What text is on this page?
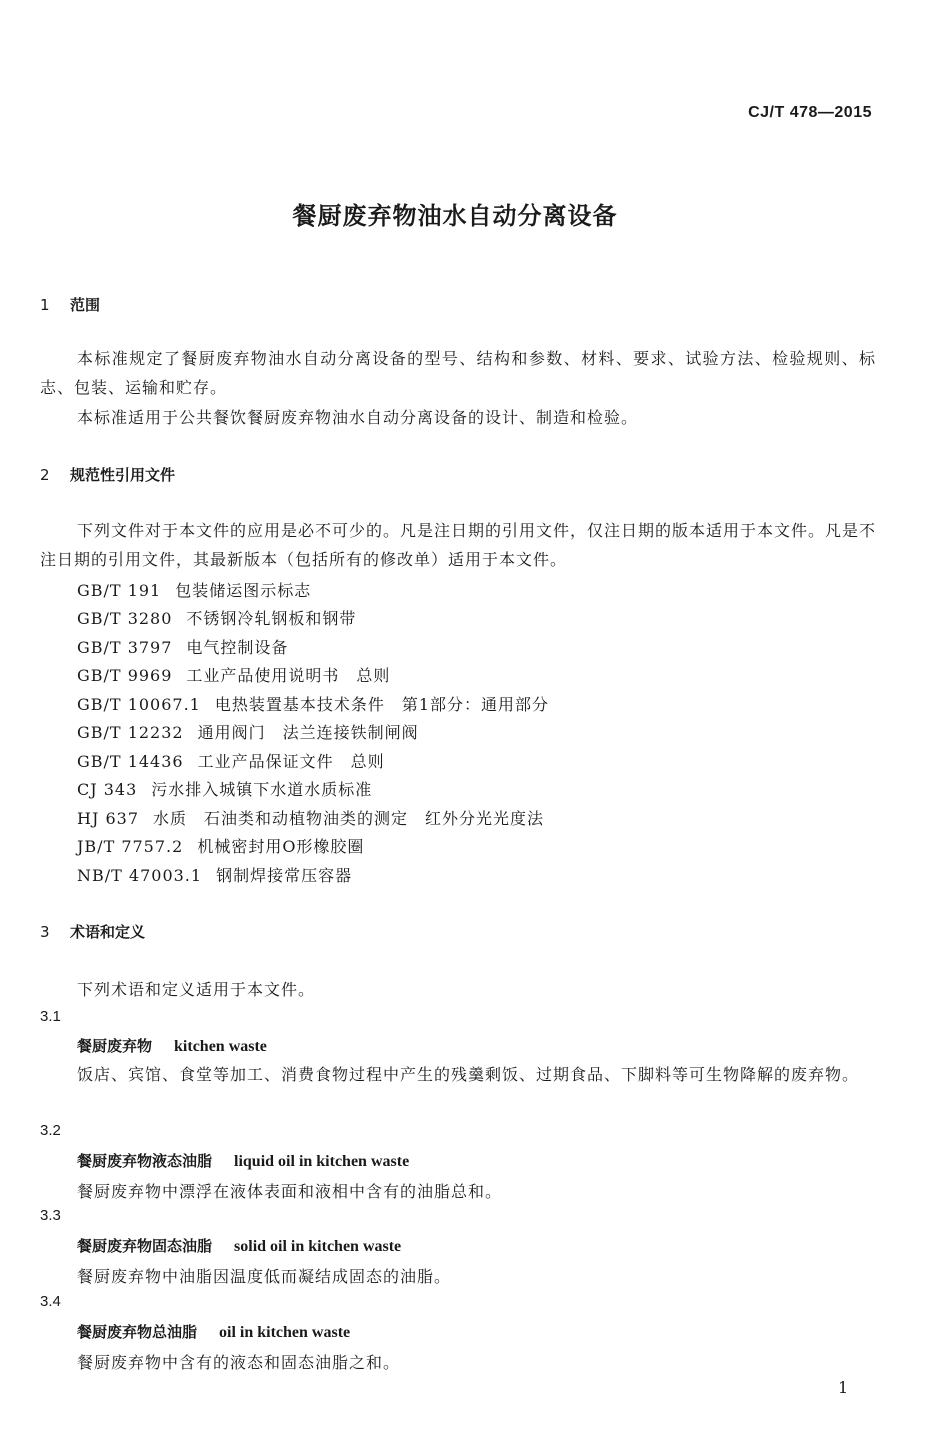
CJ/T 478—2015
餐厨废弃物油水自动分离设备
1 范围
本标准规定了餐厨废弃物油水自动分离设备的型号、结构和参数、材料、要求、试验方法、检验规则、标志、包装、运输和贮存。
本标准适用于公共餐饮餐厨废弃物油水自动分离设备的设计、制造和检验。
2 规范性引用文件
下列文件对于本文件的应用是必不可少的。凡是注日期的引用文件，仅注日期的版本适用于本文件。凡是不注日期的引用文件，其最新版本（包括所有的修改单）适用于本文件。
GB/T 191 包装储运图示标志
GB/T 3280 不锈钢冷轧钢板和钢带
GB/T 3797 电气控制设备
GB/T 9969 工业产品使用说明书　总则
GB/T 10067.1 电热装置基本技术条件　第1部分：通用部分
GB/T 12232 通用阀门　法兰连接铁制闸阀
GB/T 14436 工业产品保证文件　总则
CJ 343 污水排入城镇下水道水质标准
HJ 637 水质　石油类和动植物油类的测定　红外分光光度法
JB/T 7757.2 机械密封用O形橡胶圈
NB/T 47003.1 钢制焊接常压容器
3 术语和定义
下列术语和定义适用于本文件。
3.1
餐厨废弃物 kitchen waste
饭店、宾馆、食堂等加工、消费食物过程中产生的残羹剩饭、过期食品、下脚料等可生物降解的废弃物。
3.2
餐厨废弃物液态油脂 liquid oil in kitchen waste
餐厨废弃物中漂浮在液体表面和液相中含有的油脂总和。
3.3
餐厨废弃物固态油脂 solid oil in kitchen waste
餐厨废弃物中油脂因温度低而凝结成固态的油脂。
3.4
餐厨废弃物总油脂 oil in kitchen waste
餐厨废弃物中含有的液态和固态油脂之和。
1
